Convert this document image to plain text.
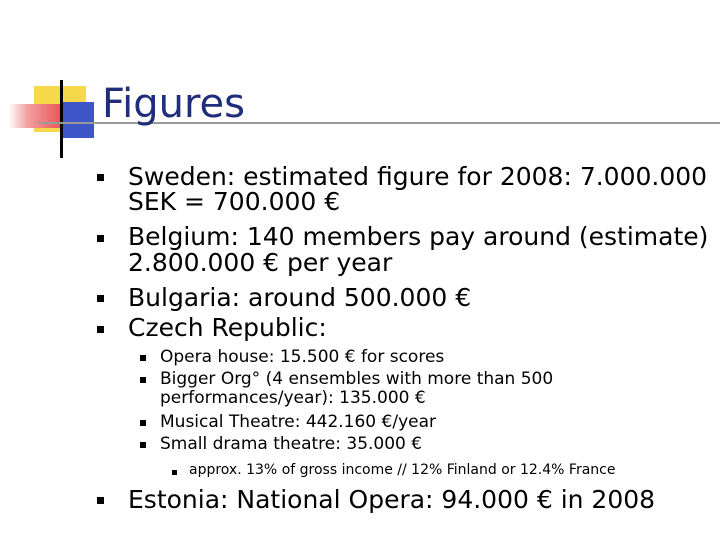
Figures
Sweden: estimated figure for 2008: 7.000.000
SEK = 700.000 €
Belgium: 140 members pay around (estimate)
2.800.000 € per year
Bulgaria: around 500.000 €
Czech Republic:
Opera house: 15.500 € for scores
Bigger Org° (4 ensembles with more than 500
performances/year): 135.000 €
Musical Theatre: 442.160 €/year
Small drama theatre: 35.000 €
approx. 13% of gross income // 12% Finland or 12.4% France
Estonia: National Opera: 94.000 € in 2008
